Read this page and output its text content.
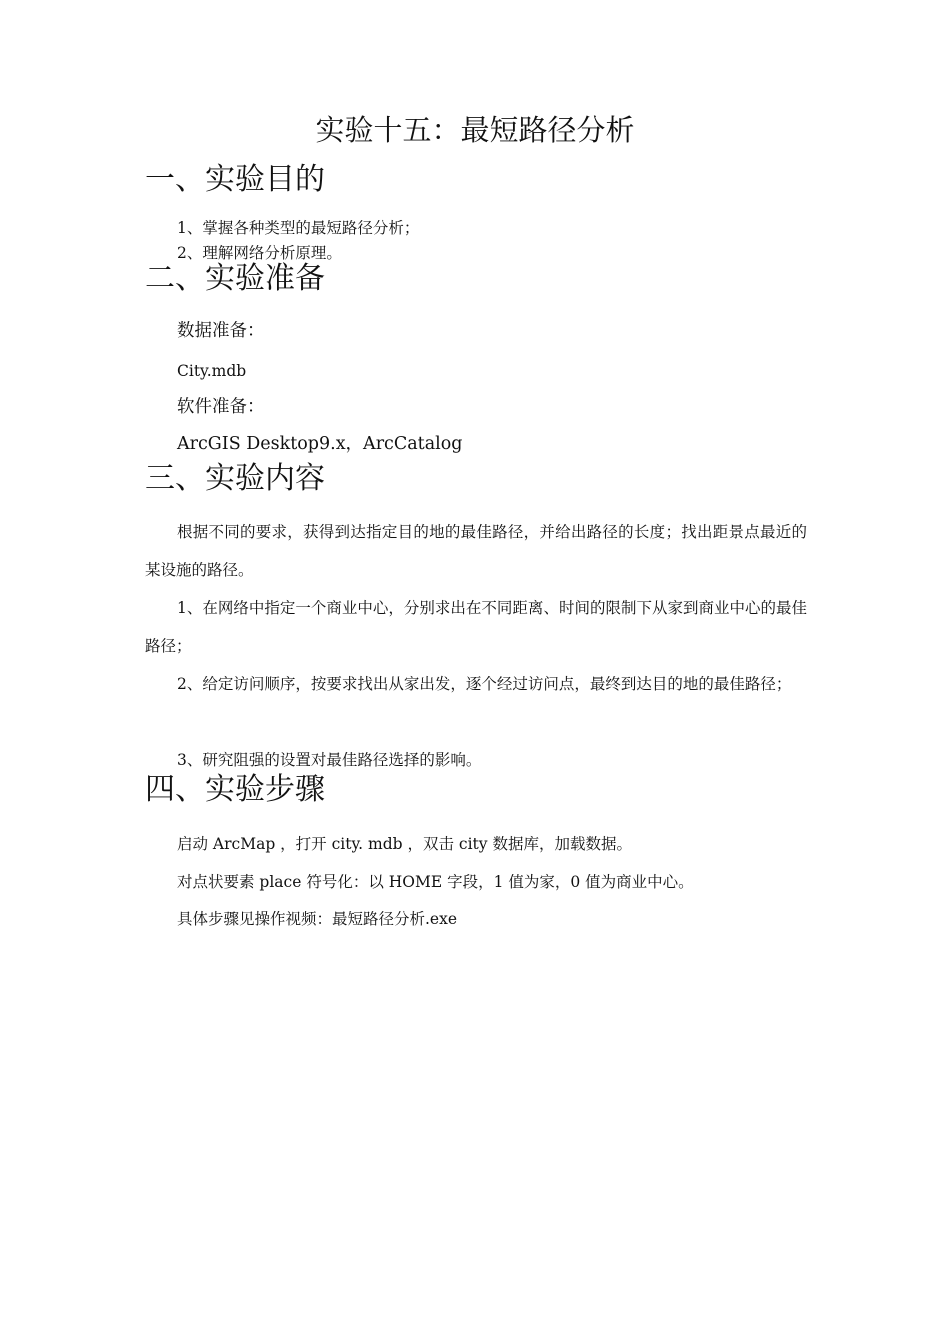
实验十五：最短路径分析
一、实验目的

1、掌握各种类型的最短路径分析；

2、理解网络分析原理。

二、实验准备

数据准备：

City.mdb

软件准备：

ArcGIS Desktop9.x，ArcCatalog

三、实验内容

根据不同的要求，获得到达指定目的地的最佳路径，并给出路径的长度；找出距景点最近的某设施的路径。

1、在网络中指定一个商业中心，分别求出在不同距离、时间的限制下从家到商业中心的最佳路径；

2、给定访问顺序，按要求找出从家出发，逐个经过访问点，最终到达目的地的最佳路径；

3、研究阻强的设置对最佳路径选择的影响。

四、实验步骤

启动 ArcMap ，打开 city. mdb ，双击 city 数据库，加载数据。

对点状要素 place 符号化：以 HOME 字段，1 值为家，0 值为商业中心。

具体步骤见操作视频：最短路径分析.exe
